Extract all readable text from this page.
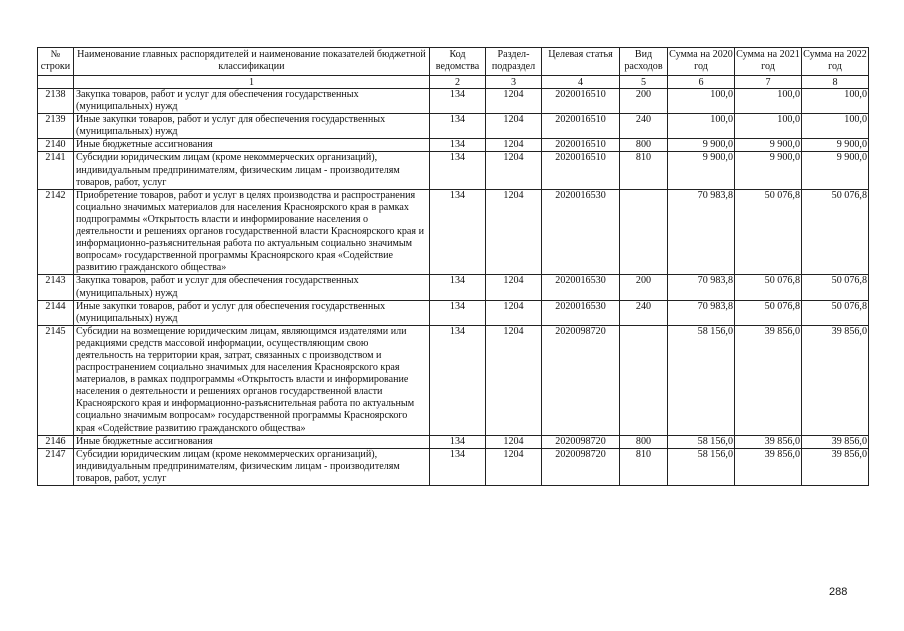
№ строки	Наименование главных распорядителей и наименование показателей бюджетной классификации	Код ведомства	Раздел-подраздел	Целевая статья	Вид расходов	Сумма на 2020 год	Сумма на 2021 год	Сумма на 2022 год
	1	2	3	4	5	6	7	8
2138	Закупка товаров, работ и услуг для обеспечения государственных (муниципальных) нужд	134	1204	2020016510	200	100,0	100,0	100,0
2139	Иные закупки товаров, работ и услуг для обеспечения государственных (муниципальных) нужд	134	1204	2020016510	240	100,0	100,0	100,0
2140	Иные бюджетные ассигнования	134	1204	2020016510	800	9 900,0	9 900,0	9 900,0
2141	Субсидии юридическим лицам (кроме некоммерческих организаций), индивидуальным предпринимателям, физическим лицам - производителям товаров, работ, услуг	134	1204	2020016510	810	9 900,0	9 900,0	9 900,0
2142	Приобретение товаров, работ и услуг в целях производства и распространения социально значимых материалов для населения Красноярского края в рамках подпрограммы «Открытость власти и информирование населения о деятельности и решениях органов государственной власти Красноярского края и информационно-разъяснительная работа по актуальным социально значимым вопросам» государственной программы Красноярского края «Содействие развитию гражданского общества»	134	1204	2020016530		70 983,8	50 076,8	50 076,8
2143	Закупка товаров, работ и услуг для обеспечения государственных (муниципальных) нужд	134	1204	2020016530	200	70 983,8	50 076,8	50 076,8
2144	Иные закупки товаров, работ и услуг для обеспечения государственных (муниципальных) нужд	134	1204	2020016530	240	70 983,8	50 076,8	50 076,8
2145	Субсидии на возмещение юридическим лицам, являющимся издателями или редакциями средств массовой информации, осуществляющим свою деятельность на территории края, затрат, связанных с производством и распространением социально значимых для населения Красноярского края материалов, в рамках подпрограммы «Открытость власти и информирование населения о деятельности и решениях органов государственной власти Красноярского края и информационно-разъяснительная работа по актуальным социально значимым вопросам» государственной программы Красноярского края «Содействие развитию гражданского общества»	134	1204	2020098720		58 156,0	39 856,0	39 856,0
2146	Иные бюджетные ассигнования	134	1204	2020098720	800	58 156,0	39 856,0	39 856,0
2147	Субсидии юридическим лицам (кроме некоммерческих организаций), индивидуальным предпринимателям, физическим лицам - производителям товаров, работ, услуг	134	1204	2020098720	810	58 156,0	39 856,0	39 856,0
288
